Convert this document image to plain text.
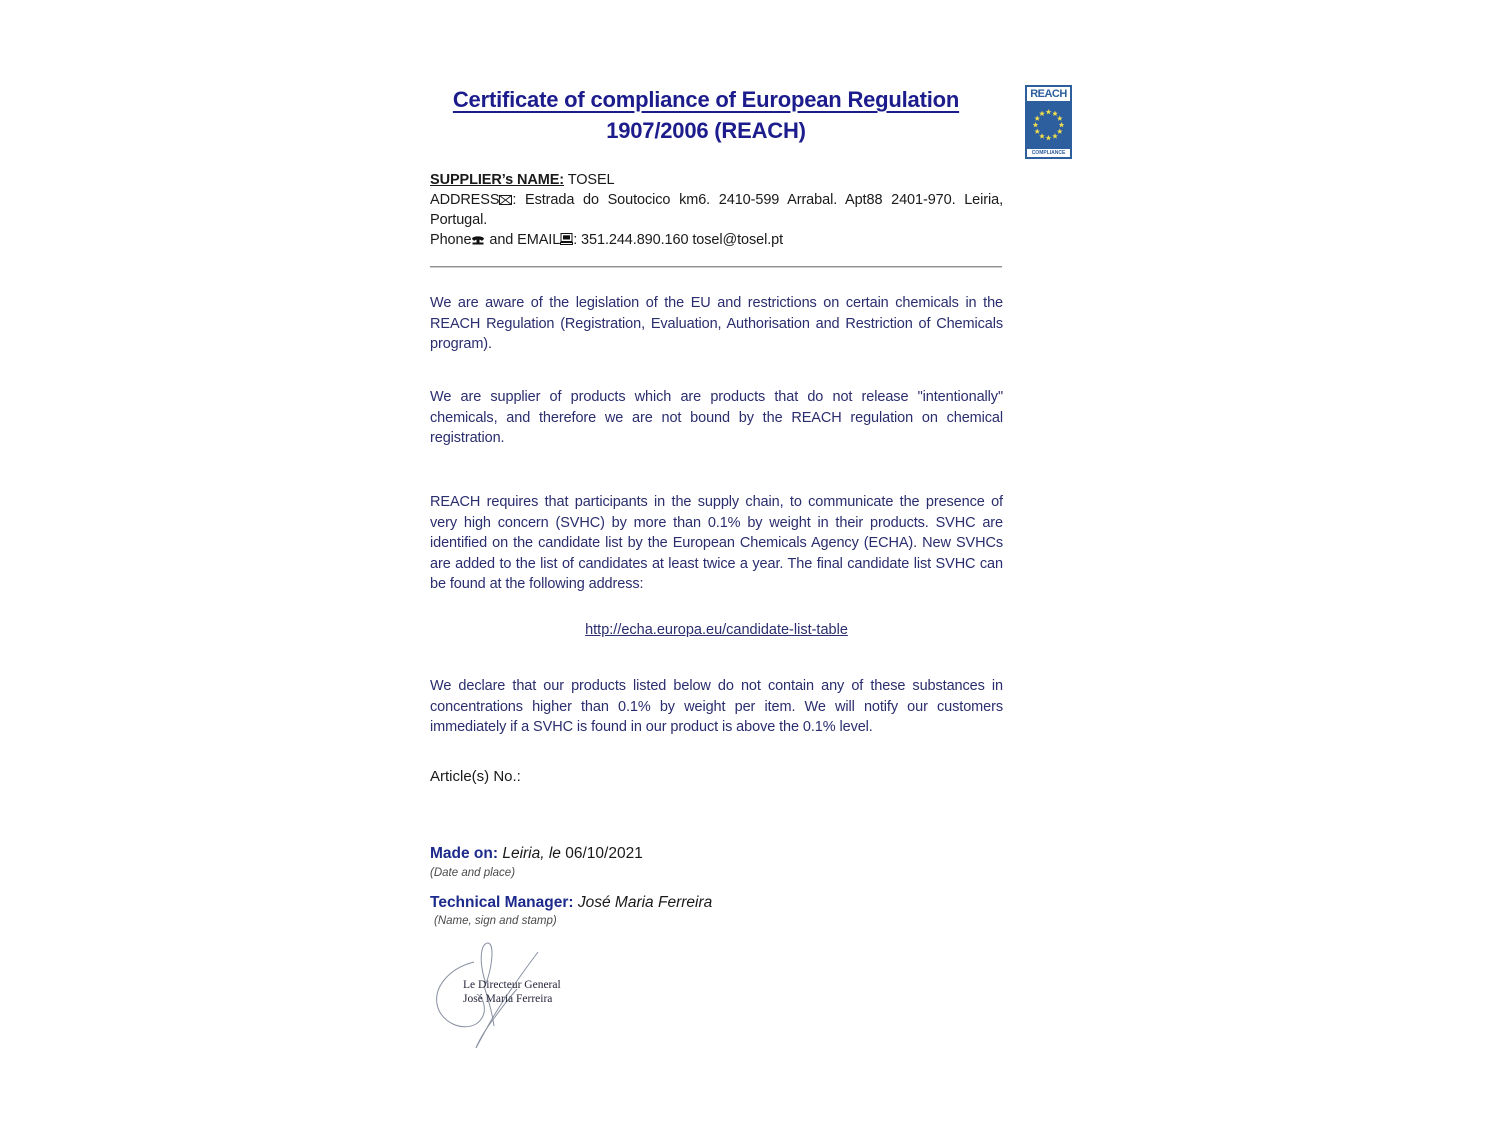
Certificate of compliance of European Regulation
1907/2006 (REACH)
REACH
COMPLIANCE
SUPPLIER’s NAME: TOSEL
ADDRESS : Estrada do Soutocico km6. 2410-599 Arrabal. Apt88 2401-970. Leiria, Portugal.
Phone and EMAIL : 351.244.890.160 tosel@tosel.pt
We are aware of the legislation of the EU and restrictions on certain chemicals in the REACH Regulation (Registration, Evaluation, Authorisation and Restriction of Chemicals program).
We are supplier of products which are products that do not release "intentionally" chemicals, and therefore we are not bound by the REACH regulation on chemical registration.
REACH requires that participants in the supply chain, to communicate the presence of very high concern (SVHC) by more than 0.1% by weight in their products. SVHC are identified on the candidate list by the European Chemicals Agency (ECHA). New SVHCs are added to the list of candidates at least twice a year. The final candidate list SVHC can be found at the following address:
http://echa.europa.eu/candidate-list-table
We declare that our products listed below do not contain any of these substances in concentrations higher than 0.1% by weight per item. We will notify our customers immediately if a SVHC is found in our product is above the 0.1% level.
Article(s) No.:
Made on: Leiria, le 06/10/2021
(Date and place)
Technical Manager: José Maria Ferreira
(Name, sign and stamp)
Le Directeur General
José Maria Ferreira
